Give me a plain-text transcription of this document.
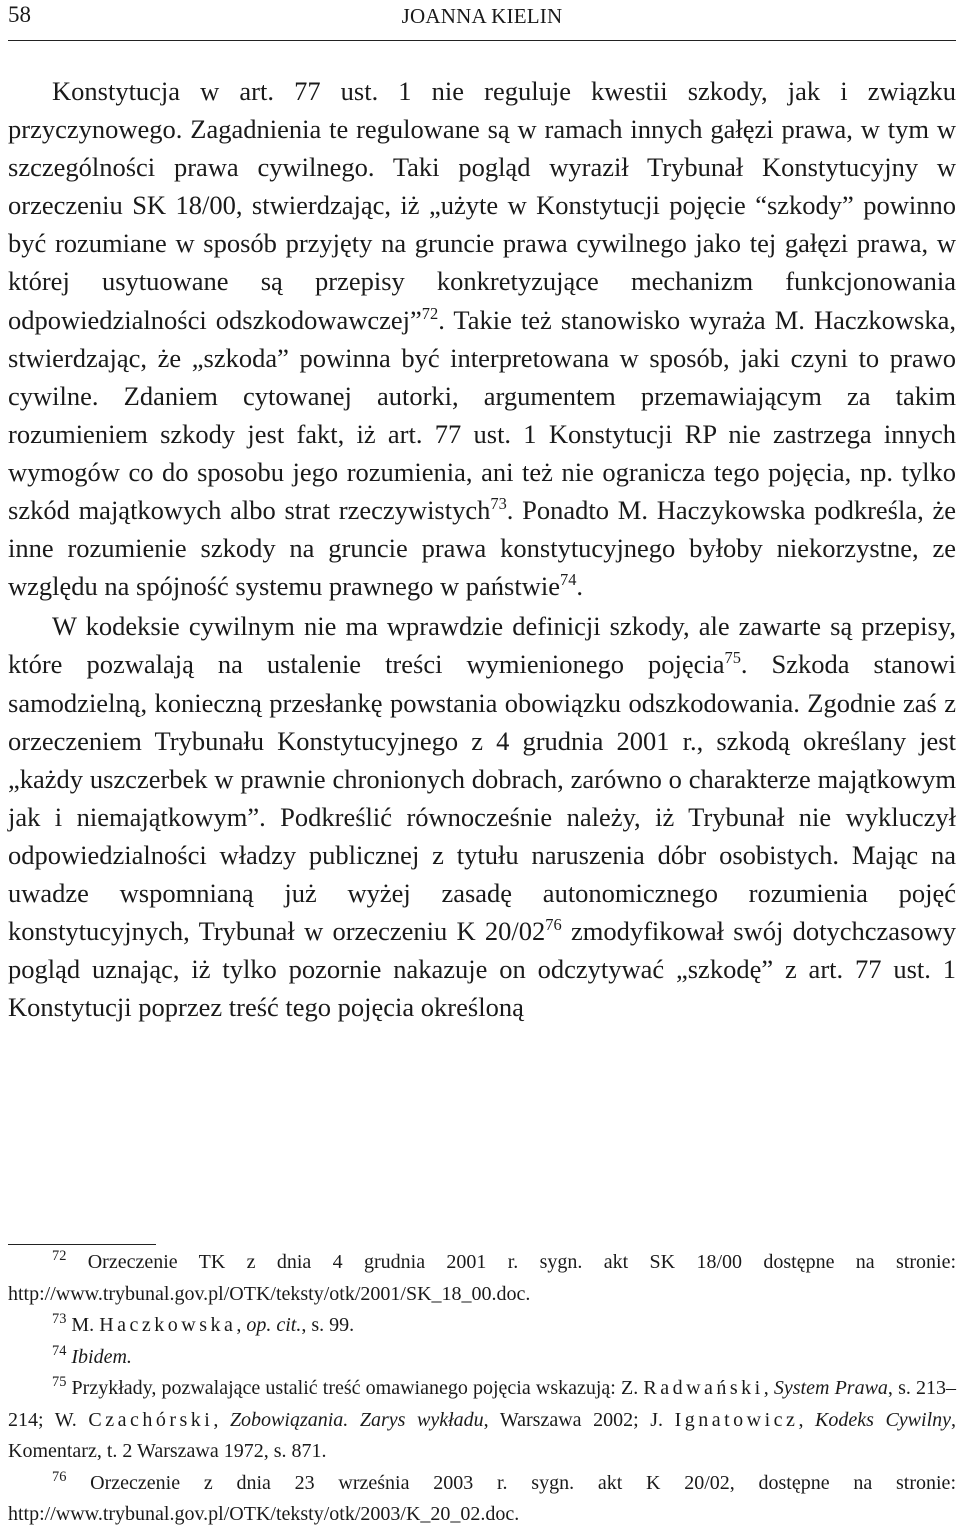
58	JOANNA KIELIN

Konstytucja w art. 77 ust. 1 nie reguluje kwestii szkody, jak i związku przyczynowego. Zagadnienia te regulowane są w ramach innych gałęzi prawa, w tym w szczególności prawa cywilnego. Taki pogląd wyraził Trybunał Konstytucyjny w orzeczeniu SK 18/00, stwierdzając, iż „użyte w Konstytucji pojęcie “szkody” powinno być rozumiane w sposób przyjęty na gruncie prawa cywilnego jako tej gałęzi prawa, w której usytuowane są przepisy konkretyzujące mechanizm funkcjonowania odpowiedzialności odszkodowawczej”$^{72}$. Takie też stanowisko wyraża M. Haczkowska, stwierdzając, że „szkoda” powinna być interpretowana w sposób, jaki czyni to prawo cywilne. Zdaniem cytowanej autorki, argumentem przemawiającym za takim rozumieniem szkody jest fakt, iż art. 77 ust. 1 Konstytucji RP nie zastrzega innych wymogów co do sposobu jego rozumienia, ani też nie ogranicza tego pojęcia, np. tylko szkód majątkowych albo strat rzeczywistych$^{73}$. Ponadto M. Haczykowska podkreśla, że inne rozumienie szkody na gruncie prawa konstytucyjnego byłoby niekorzystne, ze względu na spójność systemu prawnego w państwie$^{74}$.

W kodeksie cywilnym nie ma wprawdzie definicji szkody, ale zawarte są przepisy, które pozwalają na ustalenie treści wymienionego pojęcia$^{75}$. Szkoda stanowi samodzielną, konieczną przesłankę powstania obowiązku odszkodowania. Zgodnie zaś z orzeczeniem Trybunału Konstytucyjnego z 4 grudnia 2001 r., szkodą określany jest „każdy uszczerbek w prawnie chronionych dobrach, zarówno o charakterze majątkowym jak i niemajątkowym”. Podkreślić równocześnie należy, iż Trybunał nie wykluczył odpowiedzialności władzy publicznej z tytułu naruszenia dóbr osobistych. Mając na uwadze wspomnianą już wyżej zasadę autonomicznego rozumienia pojęć konstytucyjnych, Trybunał w orzeczeniu K $20/02^{76}$ zmodyfikował swój dotychczasowy pogląd uznając, iż tylko pozornie nakazuje on odczytywać „szkodę” z art. 77 ust. 1 Konstytucji poprzez treść tego pojęcia określoną

$^{72}$ Orzeczenie TK z dnia 4 grudnia 2001 r. sygn. akt SK 18/00 dostępne na stronie: http://www.trybunal.gov.pl/OTK/teksty/otk/2001/SK_18_00.doc.

$^{73}$ M. Haczkowska, op. cit., s. 99.

$^{74}$ Ibidem.

$^{75}$ Przykłady, pozwalające ustalić treść omawianego pojęcia wskazują: Z. Radwański, System Prawa, s. 213–214; W. Czachórski, Zobowiązania. Zarys wykładu, Warszawa 2002; J. Ignatowicz, Kodeks Cywilny, Komentarz, t. 2 Warszawa 1972, s. 871.

$^{76}$ Orzeczenie z dnia 23 września 2003 r. sygn. akt K 20/02, dostępne na stronie: http://www.trybunal.gov.pl/OTK/teksty/otk/2003/K_20_02.doc.
